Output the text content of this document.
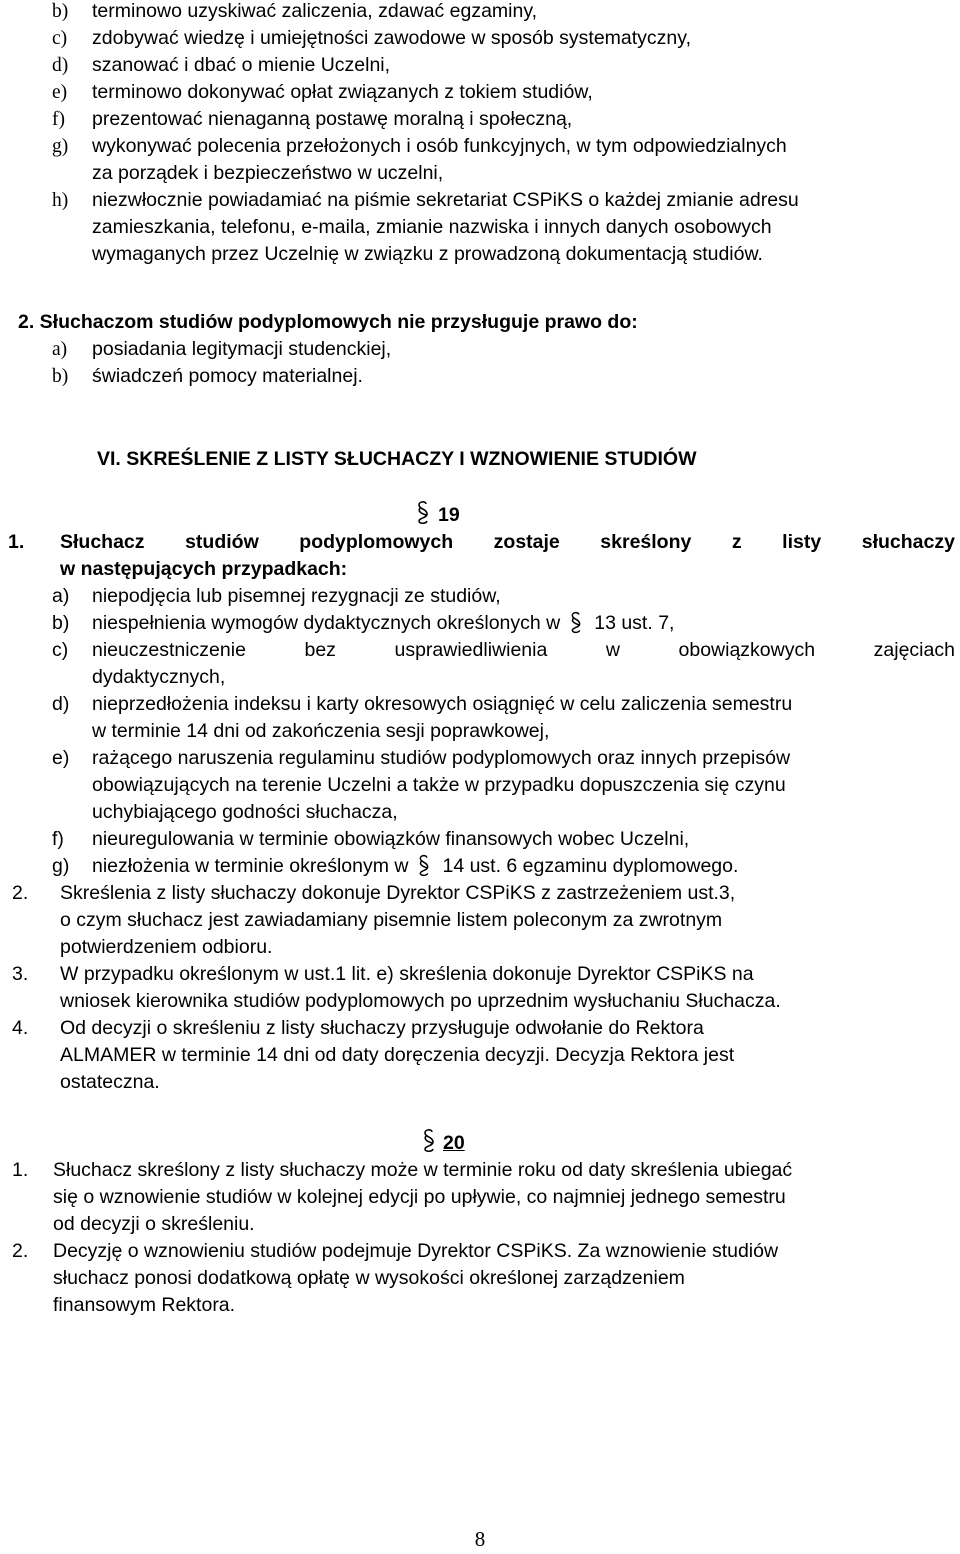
b) terminowo uzyskiwać zaliczenia, zdawać egzaminy,
c) zdobywać wiedzę i umiejętności zawodowe w sposób systematyczny,
d) szanować i dbać o mienie Uczelni,
e) terminowo dokonywać opłat związanych z tokiem studiów,
f) prezentować nienaganną postawę moralną i społeczną,
g) wykonywać polecenia przełożonych i osób funkcyjnych, w tym odpowiedzialnych
za porządek i bezpieczeństwo w uczelni,
h) niezwłocznie powiadamiać na piśmie sekretariat CSPiKS o każdej zmianie adresu
zamieszkania, telefonu, e-maila, zmianie nazwiska i innych danych osobowych
wymaganych przez Uczelnię w związku z prowadzoną dokumentacją studiów.
2. Słuchaczom studiów podyplomowych nie przysługuje prawo do:
a) posiadania legitymacji studenckiej,
b) świadczeń pomocy materialnej.
VI. SKREŚLENIE Z LISTY SŁUCHACZY I WZNOWIENIE STUDIÓW
19
1.	Słuchacz studiów podyplomowych zostaje skreślony z listy słuchaczy
w następujących przypadkach:
a) niepodjęcia lub pisemnej rezygnacji ze studiów,
b) niespełnienia wymogów dydaktycznych określonych w 13 ust. 7,
c)	nieuczestniczenie	bez	usprawiedliwienia	w	obowiązkowych	zajęciach
dydaktycznych,
d) nieprzedłożenia indeksu i karty okresowych osiągnięć w celu zaliczenia semestru
w terminie 14 dni od zakończenia sesji poprawkowej,
e) rażącego naruszenia regulaminu studiów podyplomowych oraz innych przepisów
obowiązujących na terenie Uczelni a także w przypadku dopuszczenia się czynu
uchybiającego godności słuchacza,
f) nieuregulowania w terminie obowiązków finansowych wobec Uczelni,
g) niezłożenia w terminie określonym w 14 ust. 6 egzaminu dyplomowego.
2. Skreślenia z listy słuchaczy dokonuje Dyrektor CSPiKS z zastrzeżeniem ust.3,
o czym słuchacz jest zawiadamiany pisemnie listem poleconym za zwrotnym
potwierdzeniem odbioru.
3. W przypadku określonym w ust.1 lit. e) skreślenia dokonuje Dyrektor CSPiKS na
wniosek kierownika studiów podyplomowych po uprzednim wysłuchaniu Słuchacza.
4. Od decyzji o skreśleniu z listy słuchaczy przysługuje odwołanie do Rektora
ALMAMER w terminie 14 dni od daty doręczenia decyzji. Decyzja Rektora jest
ostateczna.
20
1. Słuchacz skreślony z listy słuchaczy może w terminie roku od daty skreślenia ubiegać
się o wznowienie studiów w kolejnej edycji po upływie, co najmniej jednego semestru
od decyzji o skreśleniu.
2. Decyzję o wznowieniu studiów podejmuje Dyrektor CSPiKS. Za wznowienie studiów
słuchacz ponosi dodatkową opłatę w wysokości określonej zarządzeniem
finansowym Rektora.
8
